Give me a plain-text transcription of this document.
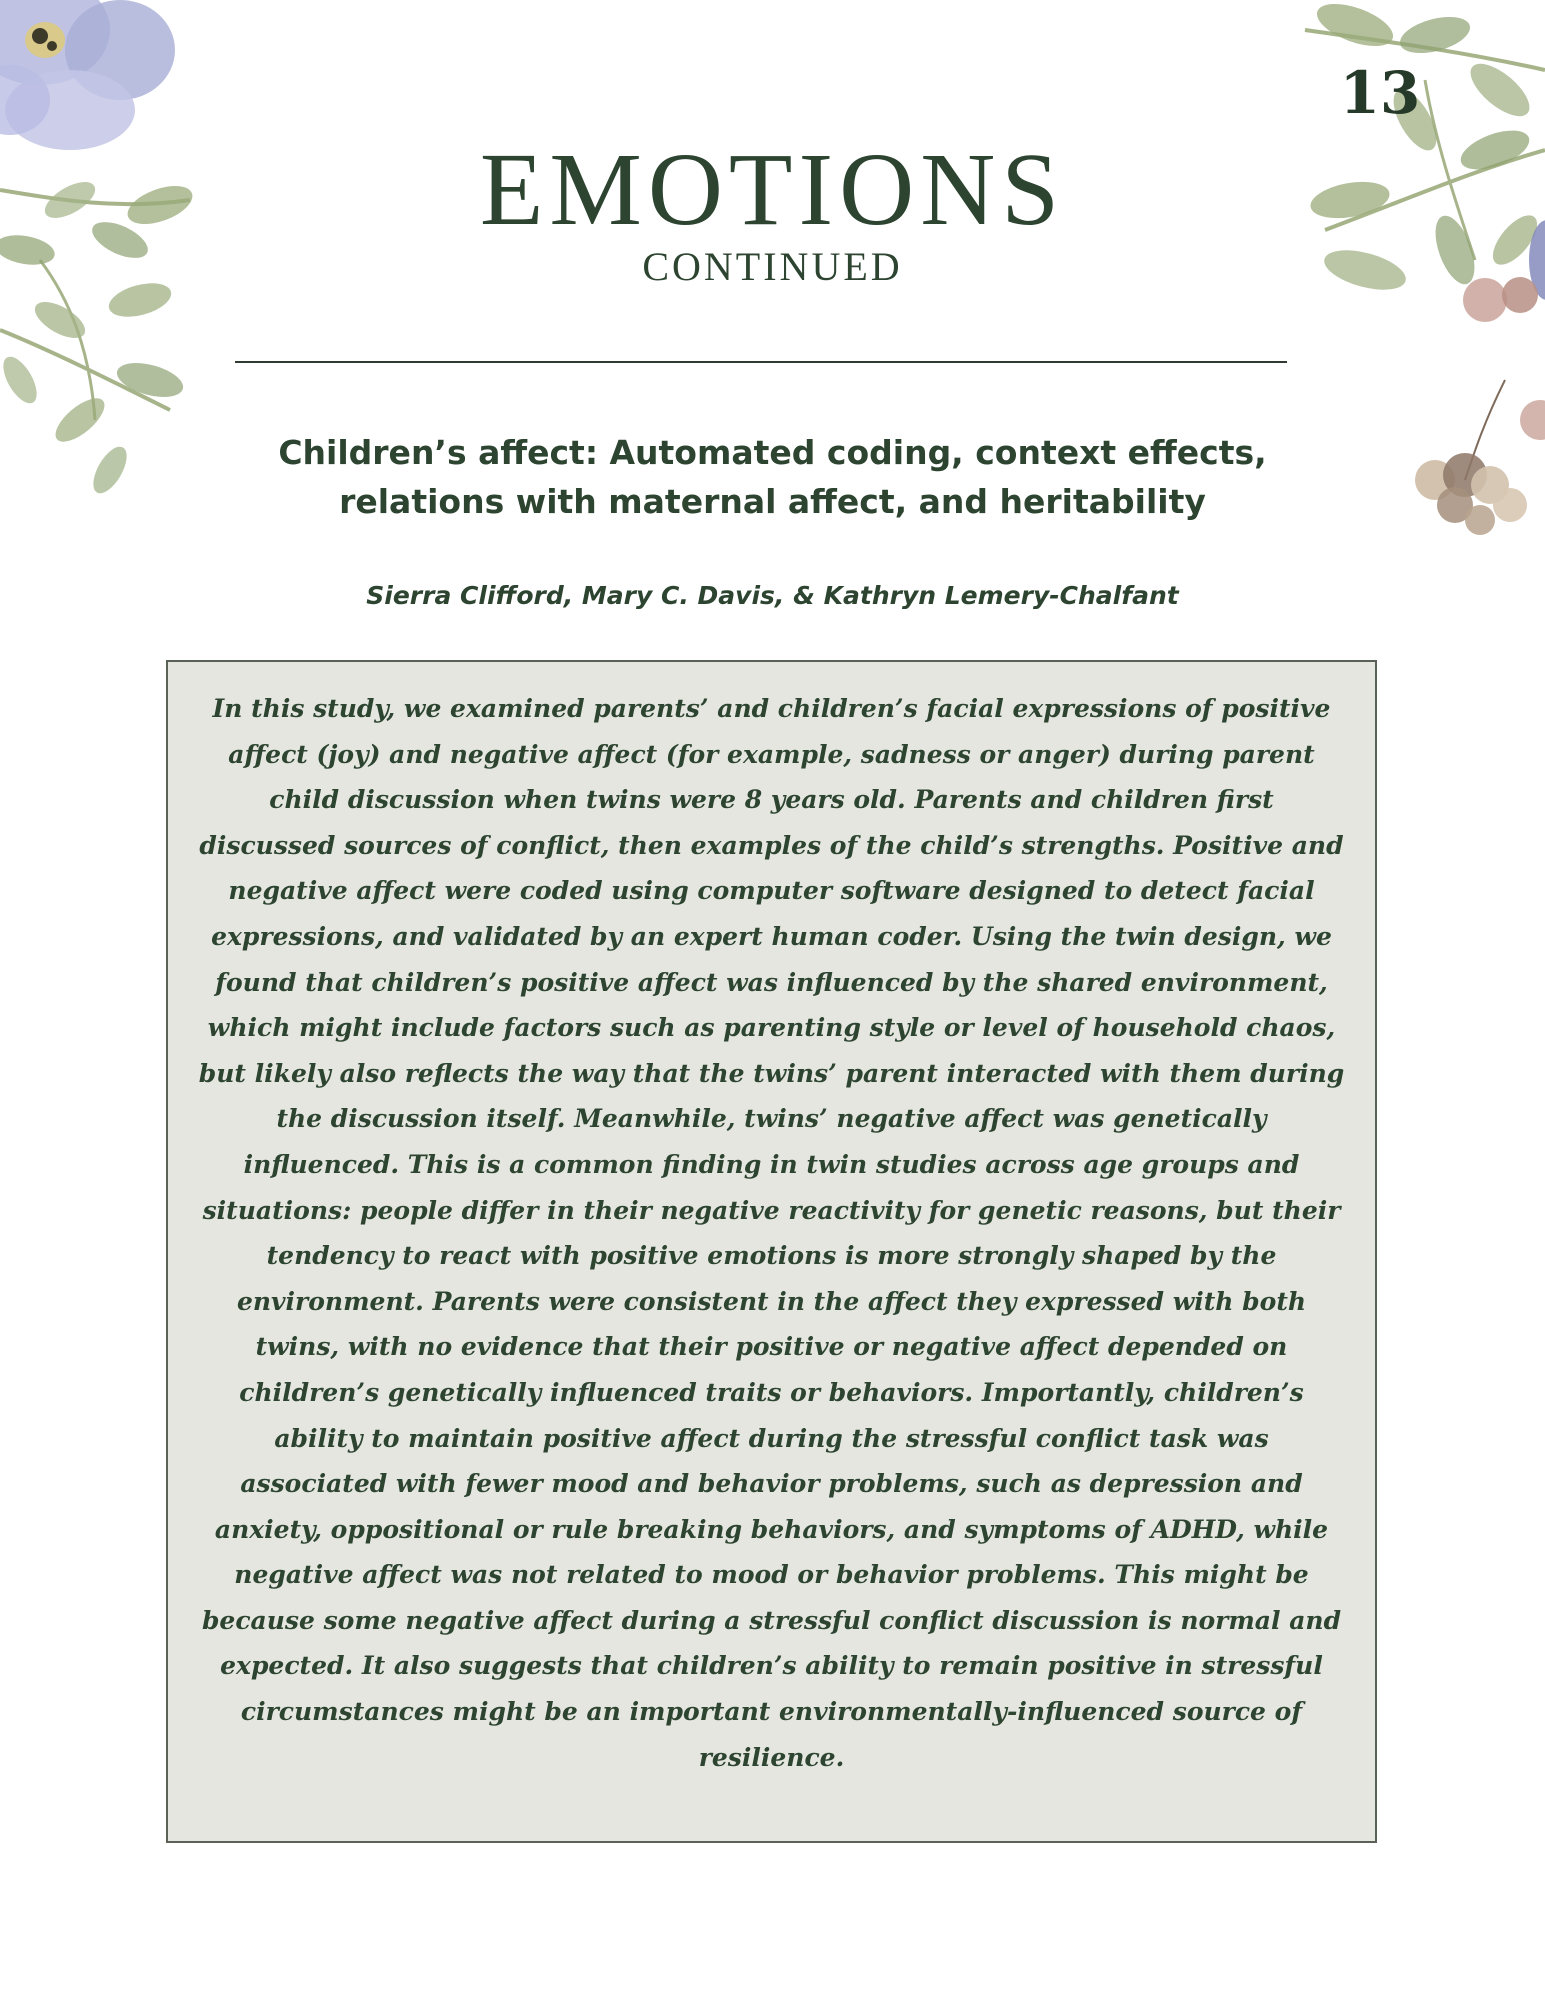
13
EMOTIONS
CONTINUED
Children’s affect: Automated coding, context effects, relations with maternal affect, and heritability
Sierra Clifford, Mary C. Davis, & Kathryn Lemery-Chalfant

In this study, we examined parents’ and children’s facial expressions of positive affect (joy) and negative affect (for example, sadness or anger) during parent child discussion when twins were 8 years old. Parents and children first discussed sources of conflict, then examples of the child’s strengths. Positive and negative affect were coded using computer software designed to detect facial expressions, and validated by an expert human coder. Using the twin design, we found that children’s positive affect was influenced by the shared environment, which might include factors such as parenting style or level of household chaos, but likely also reflects the way that the twins’ parent interacted with them during the discussion itself. Meanwhile, twins’ negative affect was genetically influenced. This is a common finding in twin studies across age groups and situations: people differ in their negative reactivity for genetic reasons, but their tendency to react with positive emotions is more strongly shaped by the environment. Parents were consistent in the affect they expressed with both twins, with no evidence that their positive or negative affect depended on children’s genetically influenced traits or behaviors. Importantly, children’s ability to maintain positive affect during the stressful conflict task was associated with fewer mood and behavior problems, such as depression and anxiety, oppositional or rule breaking behaviors, and symptoms of ADHD, while negative affect was not related to mood or behavior problems. This might be because some negative affect during a stressful conflict discussion is normal and expected. It also suggests that children’s ability to remain positive in stressful circumstances might be an important environmentally-influenced source of resilience.
